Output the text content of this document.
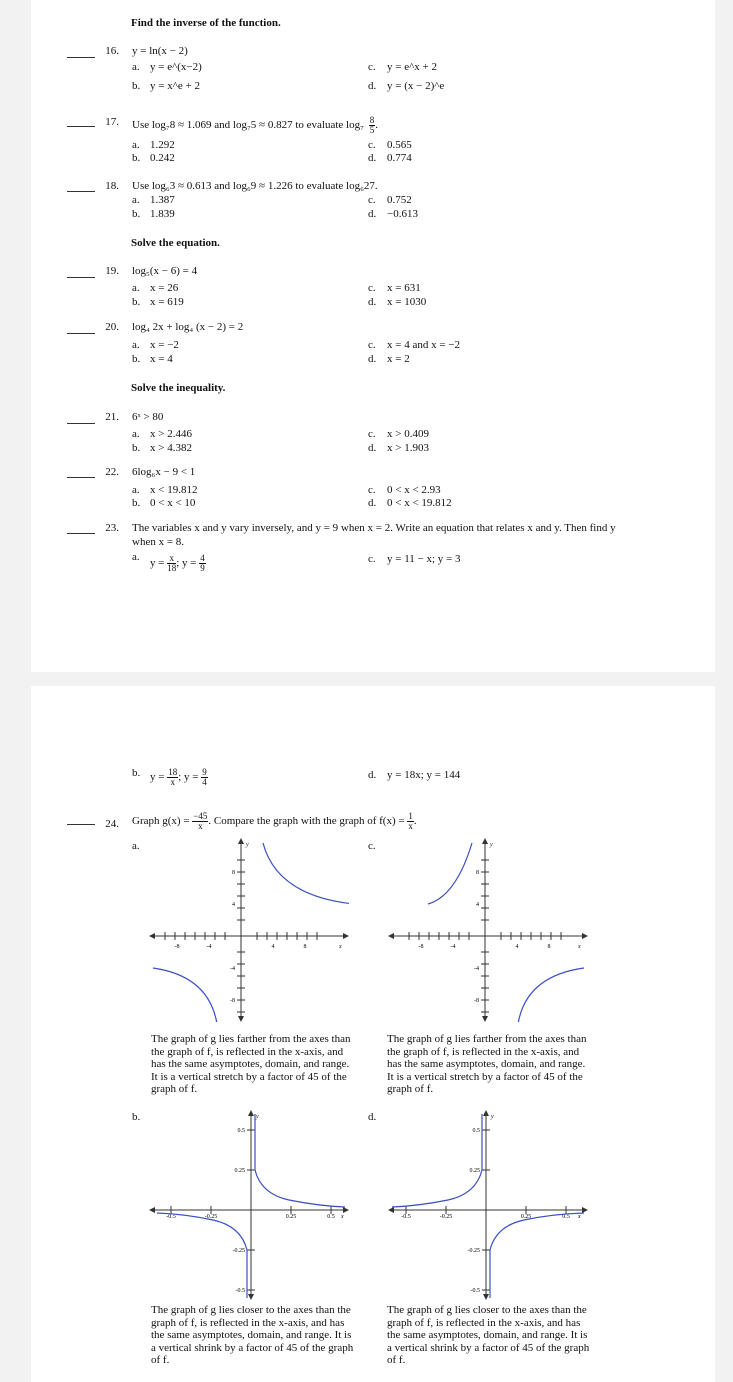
Find the inverse of the function.
16. y = ln(x − 2)
a. y = e^(x−2)
b. y = x^e + 2
c. y = e^x + 2
d. y = (x − 2)^e
17. Use log₇8 ≈ 1.069 and log₇5 ≈ 0.827 to evaluate $\log_7 \frac{8}{5}$ .
a. 1.292
b. 0.242
c. 0.565
d. 0.774
18. Use log₆3 ≈ 0.613 and log₆9 ≈ 1.226 to evaluate log₆27.
a. 1.387
b. 1.839
c. 0.752
d. −0.613
Solve the equation.
19. log₅(x − 6) = 4
a. x = 26
b. x = 619
c. x = 631
d. x = 1030
20. log₄ 2x + log₄ (x − 2) = 2
a. x = −2
b. x = 4
c. x = 4 and x = −2
d. x = 2
Solve the inequality.
21. 6ˣ > 80
a. x > 2.446
b. x > 4.382
c. x > 0.409
d. x > 1.903
22. 6log₆x − 9 < 1
a. x < 19.812
b. 0 < x < 10
c. 0 < x < 2.93
d. 0 < x < 19.812
23. The variables x and y vary inversely, and y = 9 when x = 2. Write an equation that relates x and y. Then find y
when x = 8.
a.
$y = \frac{x}{18}$ ; $y = \frac{4}{9}$	c. y = 11 − x; y = 3
b. $y = \frac{18}{x}$ ; $y = \frac{9}{4}$	d. y = 18x; y = 144
24. Graph $g(x) = \frac{-45}{x}$ . Compare the graph with the graph of $f(x) = \frac{1}{x}$ .
a.	c.
b.	d.
-8	-4	4	8
8
4
-4
-8
x
y
The graph of g lies farther from the axes than the graph of f, is reflected in the x-axis, and has the same asymptotes, domain, and range. It is a vertical stretch by a factor of 45 of the graph of f.
-8	-4	4	8
8
4
-4
-8
x
y
The graph of g lies farther from the axes than the graph of f, is reflected in the x-axis, and has the same asymptotes, domain, and range. It is a vertical stretch by a factor of 45 of the graph of f.
-0.5	-0.25	0.25	0.5
0.5
0.25
-0.25
-0.5
x
y
The graph of g lies closer to the axes than the graph of f, is reflected in the x-axis, and has the same asymptotes, domain, and range. It is a vertical shrink by a factor of 45 of the graph of f.
-0.5	-0.25	0.25	0.5
0.5
0.25
-0.25
-0.5
x
y
The graph of g lies closer to the axes than the graph of f, is reflected in the x-axis, and has the same asymptotes, domain, and range. It is a vertical shrink by a factor of 45 of the graph of f.
